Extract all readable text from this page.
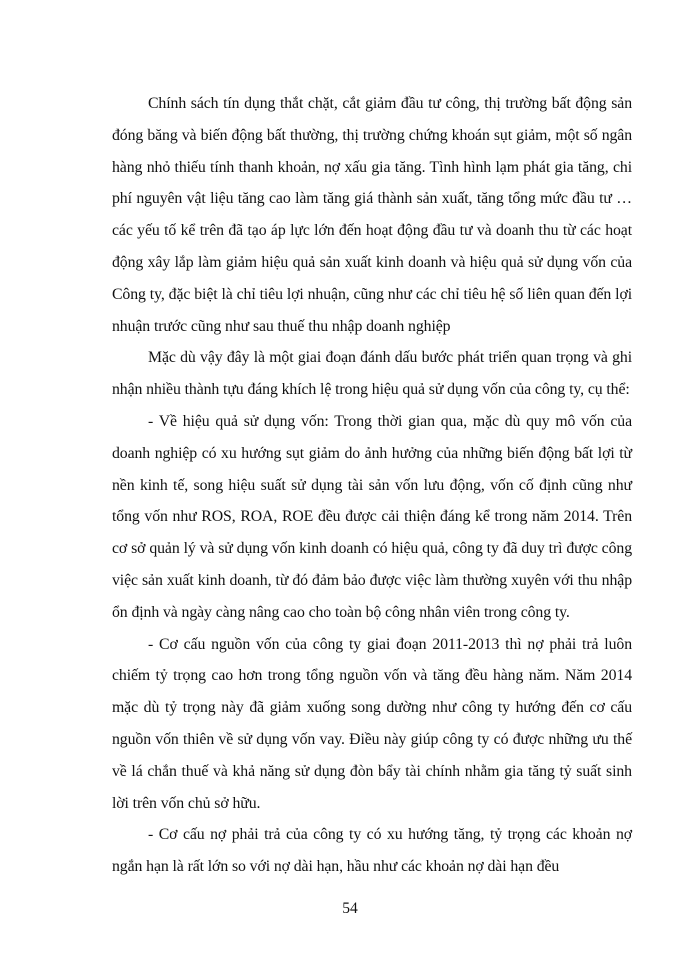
Chính sách tín dụng thắt chặt, cắt giảm đầu tư công, thị trường bất động sản đóng băng và biến động bất thường, thị trường chứng khoán sụt giảm, một số ngân hàng nhỏ thiếu tính thanh khoản, nợ xấu gia tăng. Tình hình lạm phát gia tăng, chi phí nguyên vật liệu tăng cao làm tăng giá thành sản xuất, tăng tổng mức đầu tư …các yếu tố kể trên đã tạo áp lực lớn đến hoạt động đầu tư và doanh thu từ các hoạt động xây lắp làm giảm hiệu quả sản xuất kinh doanh và hiệu quả sử dụng vốn của Công ty, đặc biệt là chỉ tiêu lợi nhuận, cũng như các chỉ tiêu hệ số liên quan đến lợi nhuận trước cũng như sau thuế thu nhập doanh nghiệp

Mặc dù vậy đây là một giai đoạn đánh dấu bước phát triển quan trọng và ghi nhận nhiều thành tựu đáng khích lệ trong hiệu quả sử dụng vốn của công ty, cụ thể:

- Về hiệu quả sử dụng vốn: Trong thời gian qua, mặc dù quy mô vốn của doanh nghiệp có xu hướng sụt giảm do ảnh hưởng của những biến động bất lợi từ nền kinh tế, song hiệu suất sử dụng tài sản vốn lưu động, vốn cố định cũng như tổng vốn như ROS, ROA, ROE đều được cải thiện đáng kể trong năm 2014. Trên cơ sở quản lý và sử dụng vốn kinh doanh có hiệu quả, công ty đã duy trì được công việc sản xuất kinh doanh, từ đó đảm bảo được việc làm thường xuyên với thu nhập ổn định và ngày càng nâng cao cho toàn bộ công nhân viên trong công ty.

- Cơ cấu nguồn vốn của công ty giai đoạn 2011-2013 thì nợ phải trả luôn chiếm tỷ trọng cao hơn trong tổng nguồn vốn và tăng đều hàng năm. Năm 2014 mặc dù tỷ trọng này đã giảm xuống song dường như công ty hướng đến cơ cấu nguồn vốn thiên về sử dụng vốn vay. Điều này giúp công ty có được những ưu thế về lá chắn thuế và khả năng sử dụng đòn bẩy tài chính nhằm gia tăng tỷ suất sinh lời trên vốn chủ sở hữu.

- Cơ cấu nợ phải trả của công ty có xu hướng tăng, tỷ trọng các khoản nợ ngắn hạn là rất lớn so với nợ dài hạn, hầu như các khoản nợ dài hạn đều

54
